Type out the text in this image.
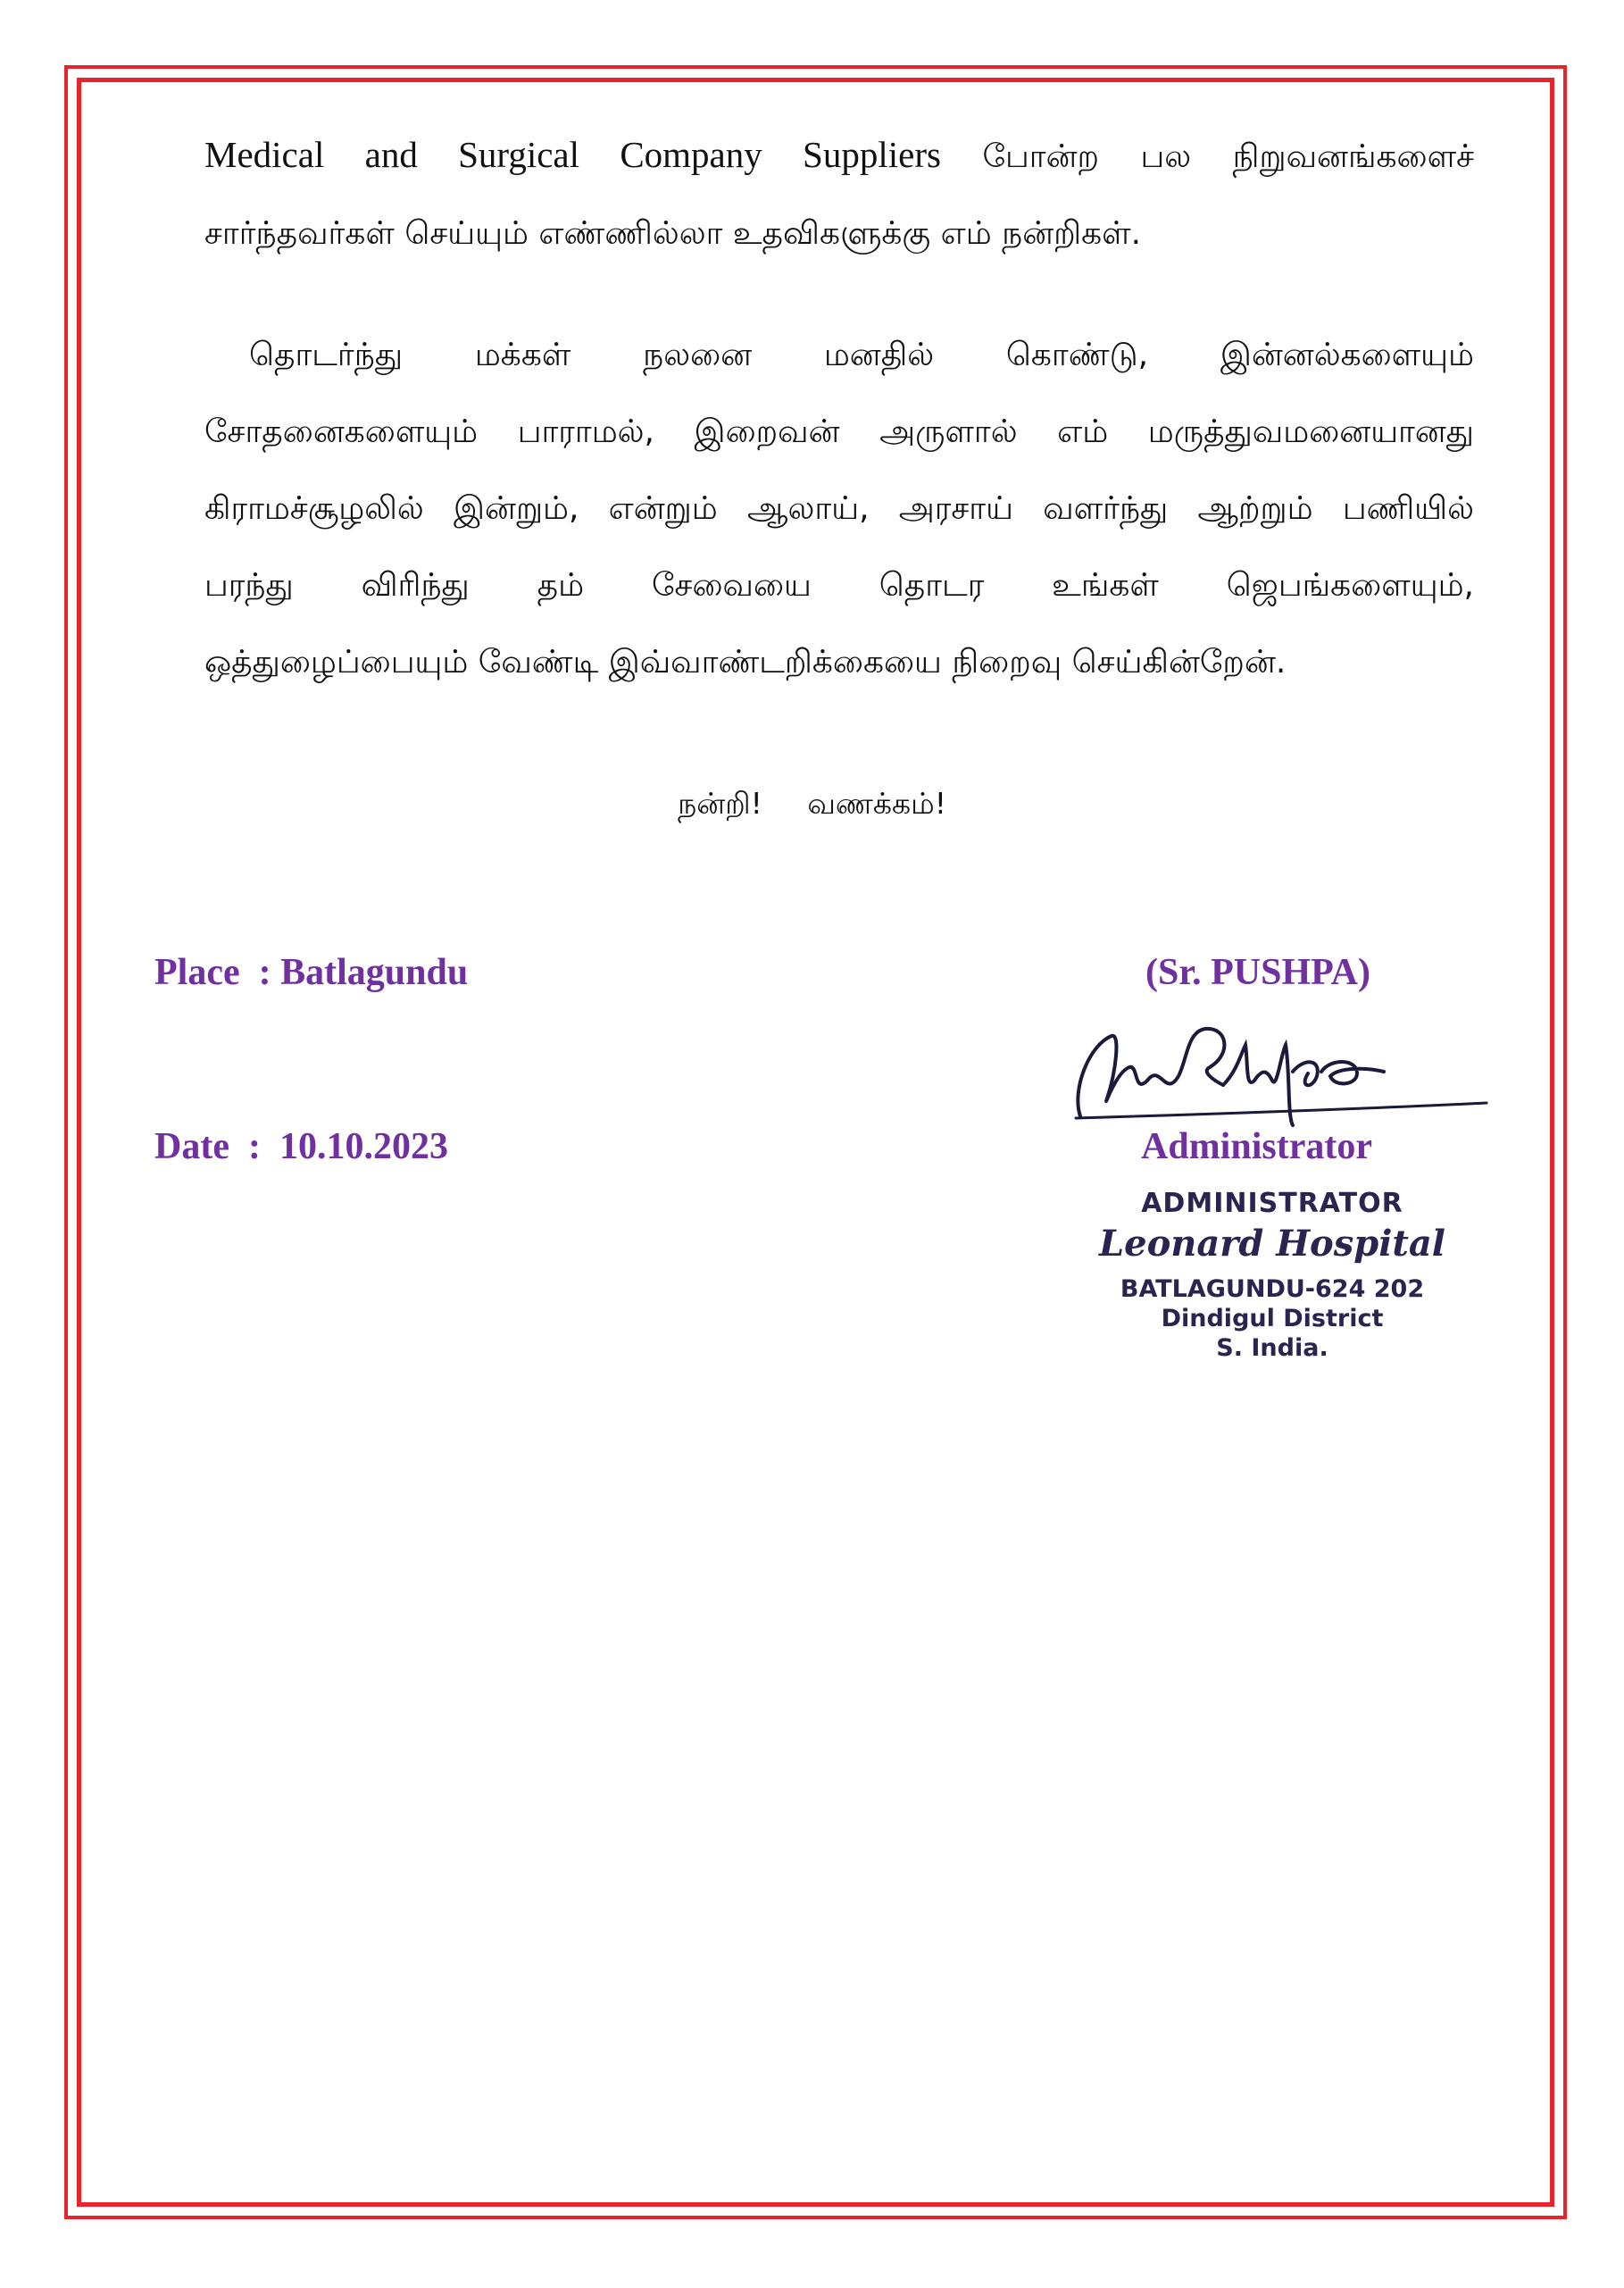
Medical and Surgical Company Suppliers போன்ற பல நிறுவனங்களைச்
சார்ந்தவர்கள் செய்யும் எண்ணில்லா உதவிகளுக்கு எம் நன்றிகள்.
தொடர்ந்து மக்கள் நலனை மனதில் கொண்டு, இன்னல்களையும்
சோதனைகளையும் பாராமல், இறைவன் அருளால் எம் மருத்துவமனையானது
கிராமச்சூழலில் இன்றும், என்றும் ஆலாய், அரசாய் வளர்ந்து ஆற்றும் பணியில்
பரந்து விரிந்து தம் சேவையை தொடர உங்கள் ஜெபங்களையும்,
ஒத்துழைப்பையும் வேண்டி இவ்வாண்டறிக்கையை நிறைவு செய்கின்றேன்.
நன்றி! வணக்கம்!
Place  : Batlagundu
Date  :  10.10.2023
(Sr. PUSHPA)
Administrator
ADMINISTRATOR
Leonard Hospital
BATLAGUNDU-624 202
Dindigul District
S. India.
